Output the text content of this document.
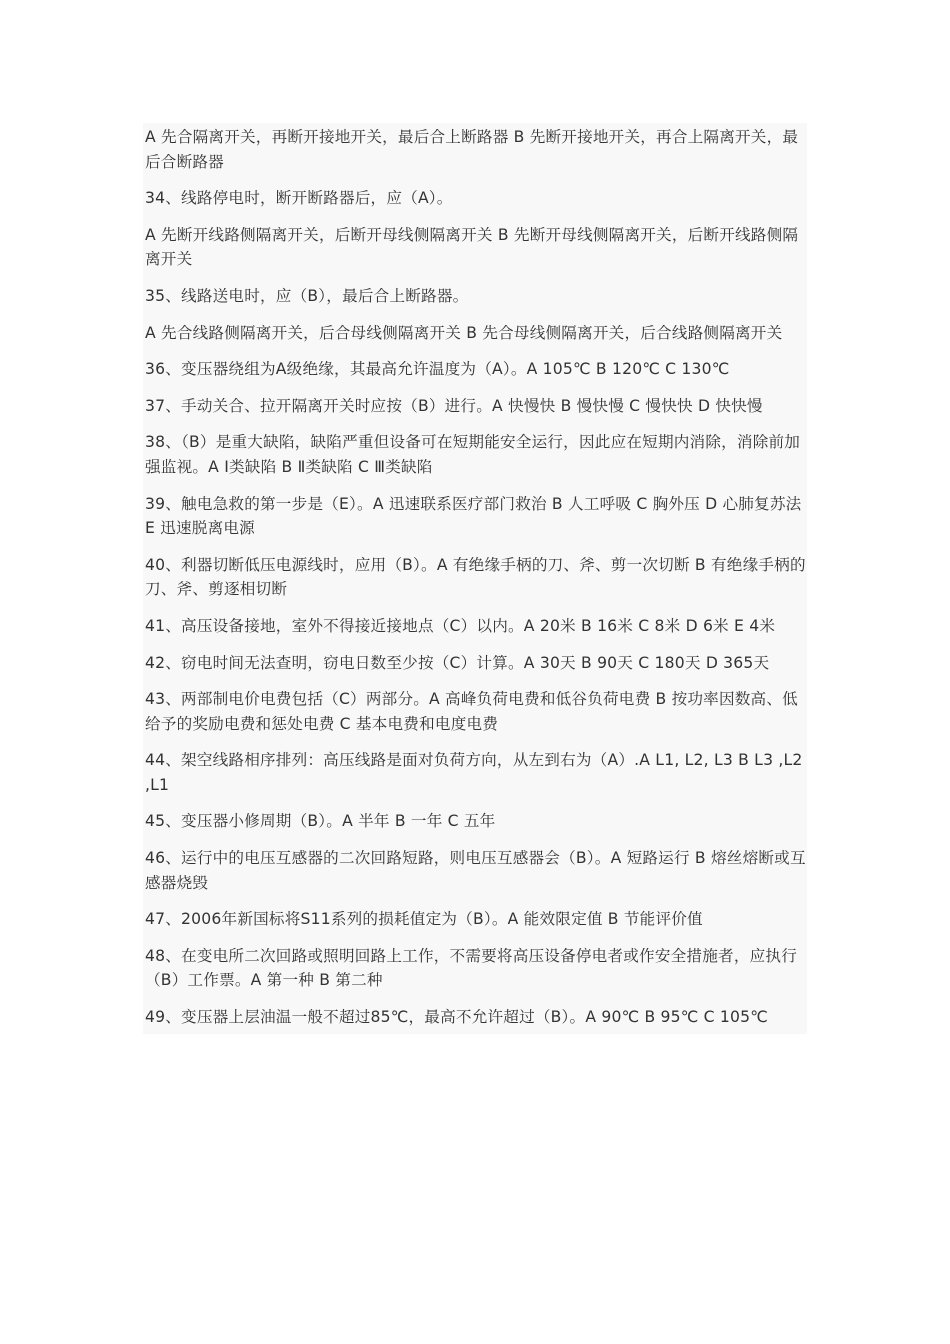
A 先合隔离开关，再断开接地开关，最后合上断路器 B 先断开接地开关，再合上隔离开关，最后合断路器

34、线路停电时，断开断路器后，应（A）。

A 先断开线路侧隔离开关，后断开母线侧隔离开关 B 先断开母线侧隔离开关，后断开线路侧隔离开关

35、线路送电时，应（B），最后合上断路器。

A 先合线路侧隔离开关，后合母线侧隔离开关 B 先合母线侧隔离开关，后合线路侧隔离开关

36、变压器绕组为A级绝缘，其最高允许温度为（A）。A 105℃ B 120℃ C 130℃

37、手动关合、拉开隔离开关时应按（B）进行。A 快慢快 B 慢快慢 C 慢快快 D 快快慢

38、（B）是重大缺陷，缺陷严重但设备可在短期能安全运行，因此应在短期内消除，消除前加强监视。A Ⅰ类缺陷 B Ⅱ类缺陷 C Ⅲ类缺陷

39、触电急救的第一步是（E）。A 迅速联系医疗部门救治 B 人工呼吸 C 胸外压 D 心肺复苏法 E 迅速脱离电源

40、利器切断低压电源线时，应用（B）。A 有绝缘手柄的刀、斧、剪一次切断 B 有绝缘手柄的刀、斧、剪逐相切断

41、高压设备接地，室外不得接近接地点（C）以内。A 20米 B 16米 C 8米 D 6米 E 4米

42、窃电时间无法查明，窃电日数至少按（C）计算。A 30天 B 90天 C 180天 D 365天

43、两部制电价电费包括（C）两部分。A 高峰负荷电费和低谷负荷电费 B 按功率因数高、低给予的奖励电费和惩处电费 C 基本电费和电度电费

44、架空线路相序排列：高压线路是面对负荷方向，从左到右为（A）.A L1, L2, L3 B L3 ,L2 ,L1

45、变压器小修周期（B）。A 半年 B 一年 C 五年

46、运行中的电压互感器的二次回路短路，则电压互感器会（B）。A 短路运行 B 熔丝熔断或互感器烧毁

47、2006年新国标将S11系列的损耗值定为（B）。A 能效限定值 B 节能评价值

48、在变电所二次回路或照明回路上工作，不需要将高压设备停电者或作安全措施者，应执行（B）工作票。A 第一种 B 第二种

49、变压器上层油温一般不超过85℃，最高不允许超过（B）。A 90℃ B 95℃ C 105℃
